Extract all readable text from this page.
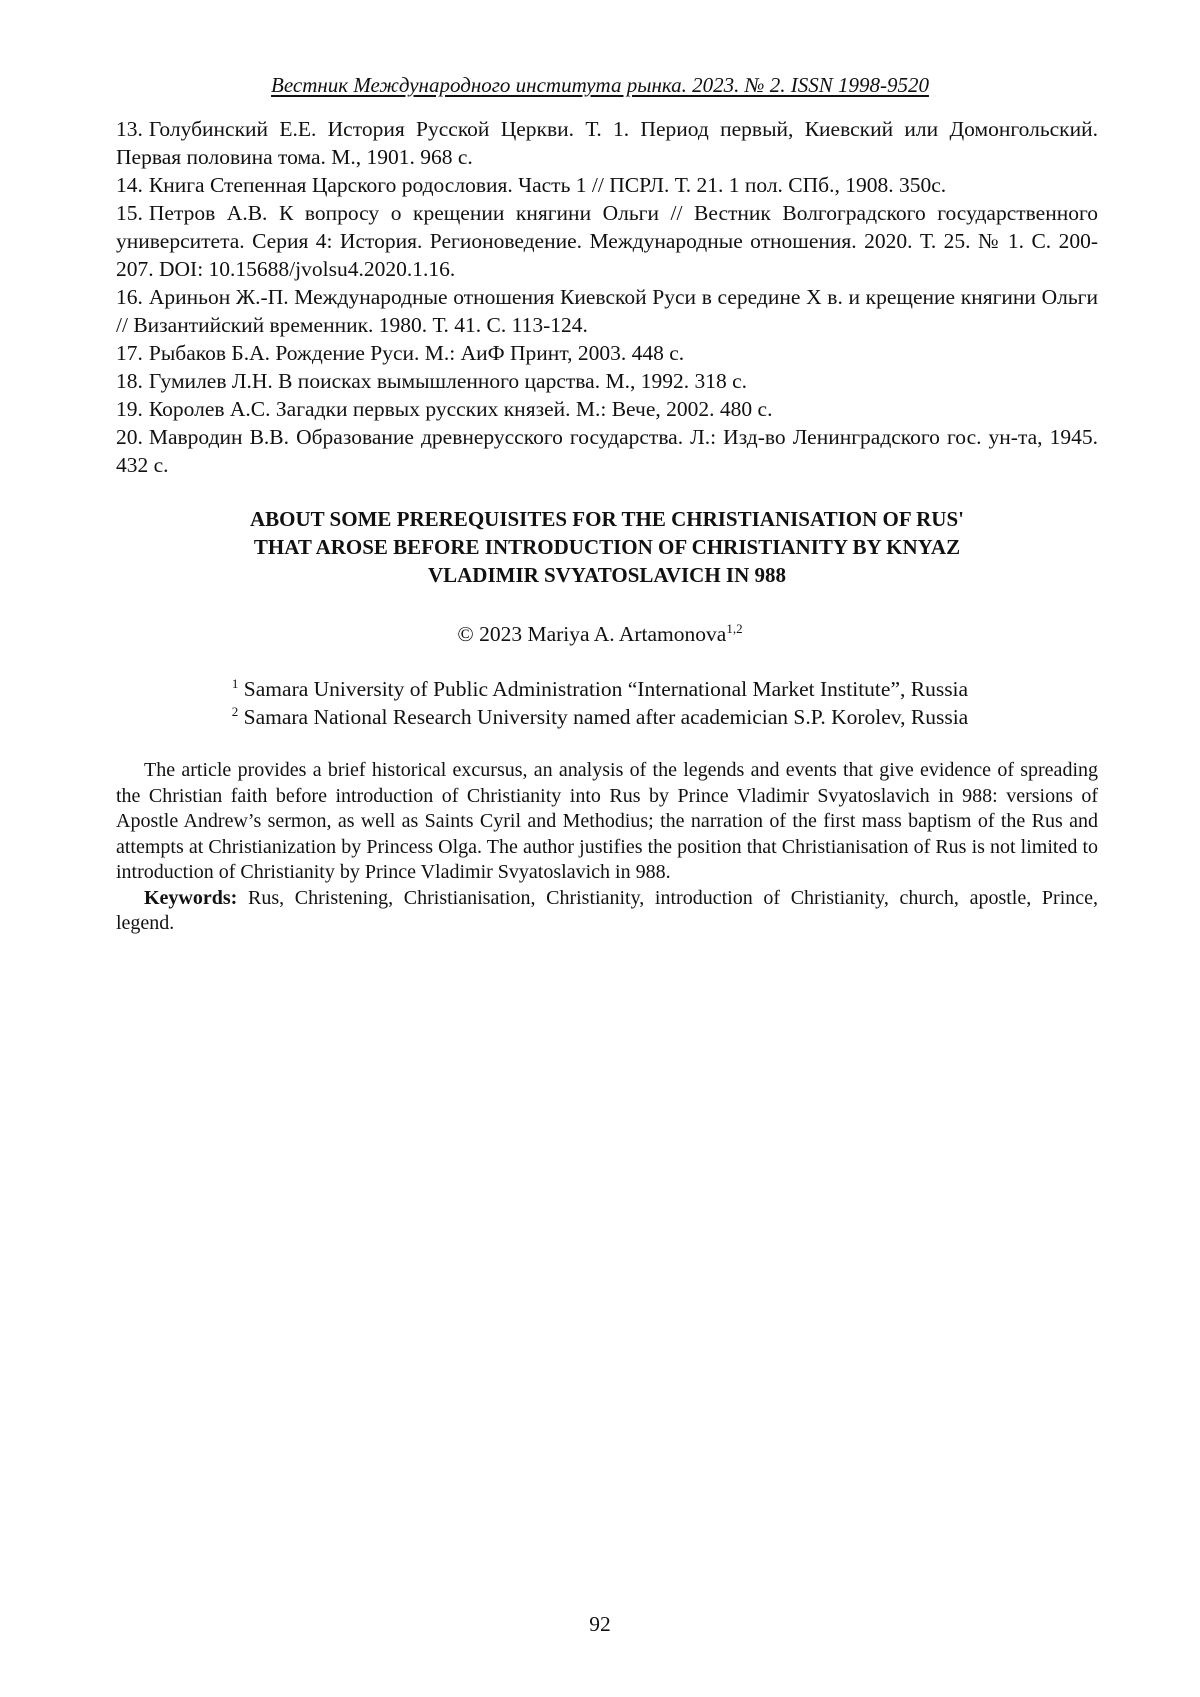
Вестник Международного института рынка. 2023. № 2. ISSN 1998-9520

13. Голубинский Е.Е. История Русской Церкви. Т. 1. Период первый, Киевский или Домонгольский. Первая половина тома. М., 1901. 968 с.

14. Книга Степенная Царского родословия. Часть 1 // ПСРЛ. Т. 21. 1 пол. СПб., 1908. 350с.

15. Петров А.В. К вопросу о крещении княгини Ольги // Вестник Волгоградского государственного университета. Серия 4: История. Регионоведение. Международные отношения. 2020. Т. 25. № 1. С. 200-207. DOI: 10.15688/jvolsu4.2020.1.16.

16. Ариньон Ж.-П. Международные отношения Киевской Руси в середине X в. и крещение княгини Ольги // Византийский временник. 1980. Т. 41. С. 113-124.

17. Рыбаков Б.А. Рождение Руси. М.: АиФ Принт, 2003. 448 с.

18. Гумилев Л.Н. В поисках вымышленного царства. М., 1992. 318 с.

19. Королев А.С. Загадки первых русских князей. М.: Вече, 2002. 480 с.

20. Мавродин В.В. Образование древнерусского государства. Л.: Изд-во Ленинградского гос. ун-та, 1945. 432 с.

ABOUT SOME PREREQUISITES FOR THE CHRISTIANISATION OF RUS'
THAT AROSE BEFORE INTRODUCTION OF CHRISTIANITY BY KNYAZ
VLADIMIR SVYATOSLAVICH IN 988
© 2023 Mariya A. Artamonova$^{1,2}$
$^1$ Samara University of Public Administration “International Market Institute”, Russia
$^2$ Samara National Research University named after academician S.P. Korolev, Russia

The article provides a brief historical excursus, an analysis of the legends and events that give evidence of spreading the Christian faith before introduction of Christianity into Rus by Prince Vladimir Svyatoslavich in 988: versions of Apostle Andrew’s sermon, as well as Saints Cyril and Methodius; the narration of the first mass baptism of the Rus and attempts at Christianization by Princess Olga. The author justifies the position that Christianisation of Rus is not limited to introduction of Christianity by Prince Vladimir Svyatoslavich in 988.

Keywords: Rus, Christening, Christianisation, Christianity, introduction of Christianity, church, apostle, Prince, legend.

92
